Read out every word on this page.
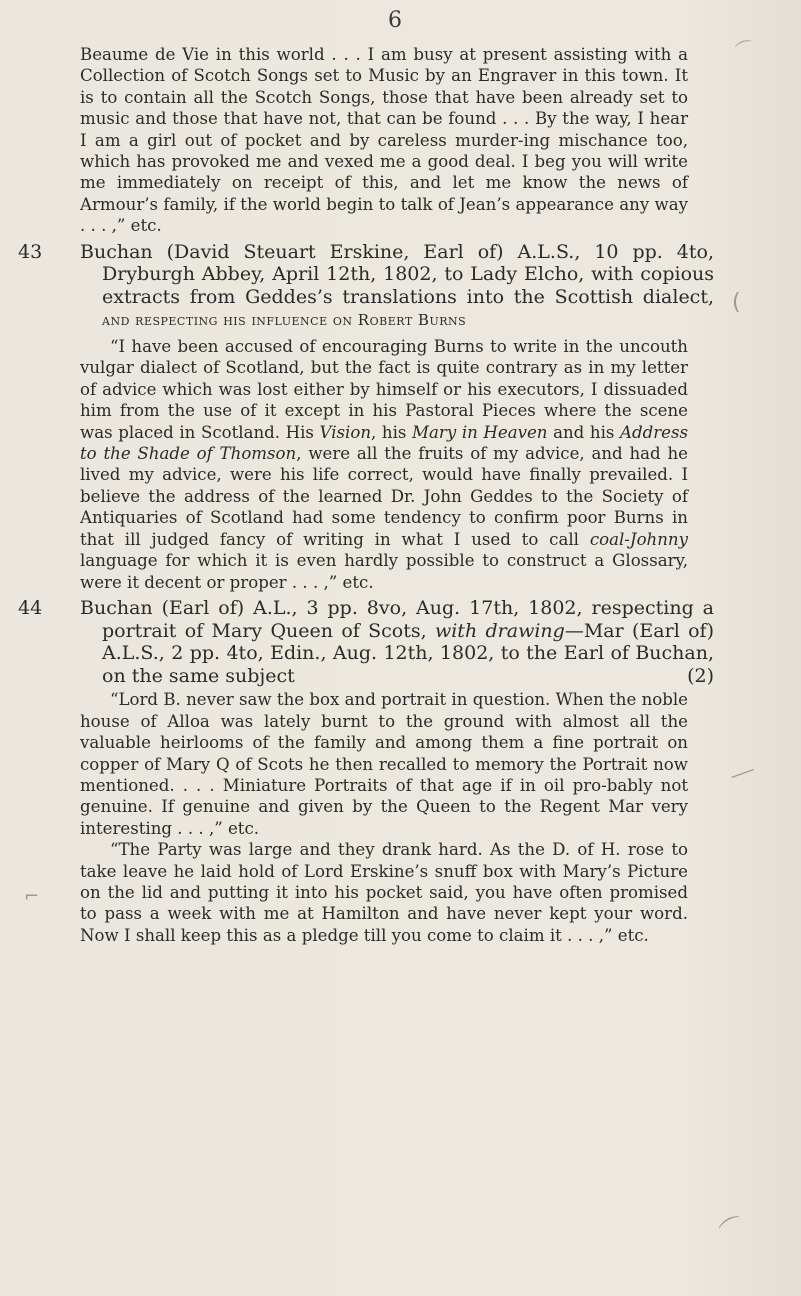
6

Beaume de Vie in this world . . . I am busy at present assisting with a Collection of Scotch Songs set to Music by an Engraver in this town. It is to contain all the Scotch Songs, those that have been already set to music and those that have not, that can be found . . . By the way, I hear I am a girl out of pocket and by careless murder-ing mischance too, which has provoked me and vexed me a good deal. I beg you will write me immediately on receipt of this, and let me know the news of Armour’s family, if the world begin to talk of Jean’s appearance any way . . . ,” etc.

43	Buchan (David Steuart Erskine, Earl of) A.L.S., 10 pp. 4to, Dryburgh Abbey, April 12th, 1802, to Lady Elcho, with copious extracts from Geddes’s translations into the Scottish dialect, and respecting his influence on Robert Burns

“I have been accused of encouraging Burns to write in the uncouth vulgar dialect of Scotland, but the fact is quite contrary as in my letter of advice which was lost either by himself or his executors, I dissuaded him from the use of it except in his Pastoral Pieces where the scene was placed in Scotland. His Vision, his Mary in Heaven and his Address to the Shade of Thomson, were all the fruits of my advice, and had he lived my advice, were his life correct, would have finally prevailed. I believe the address of the learned Dr. John Geddes to the Society of Antiquaries of Scotland had some tendency to confirm poor Burns in that ill judged fancy of writing in what I used to call coal-Johnny language for which it is even hardly possible to construct a Glossary, were it decent or proper . . . ,” etc.

44	Buchan (Earl of) A.L., 3 pp. 8vo, Aug. 17th, 1802, respecting a portrait of Mary Queen of Scots, with drawing—Mar (Earl of) A.L.S., 2 pp. 4to, Edin., Aug. 12th, 1802, to the Earl of Buchan, on the same subject	(2)

“Lord B. never saw the box and portrait in question. When the noble house of Alloa was lately burnt to the ground with almost all the valuable heirlooms of the family and among them a fine portrait on copper of Mary Q of Scots he then recalled to memory the Portrait now mentioned. . . . Miniature Portraits of that age if in oil pro-bably not genuine. If genuine and given by the Queen to the Regent Mar very interesting . . . ,” etc.

“The Party was large and they drank hard. As the D. of H. rose to take leave he laid hold of Lord Erskine’s snuff box with Mary’s Picture on the lid and putting it into his pocket said, you have often promised to pass a week with me at Hamilton and have never kept your word. Now I shall keep this as a pledge till you come to claim it . . . ,” etc.

⌒
(
⟋
⌐
⌒
